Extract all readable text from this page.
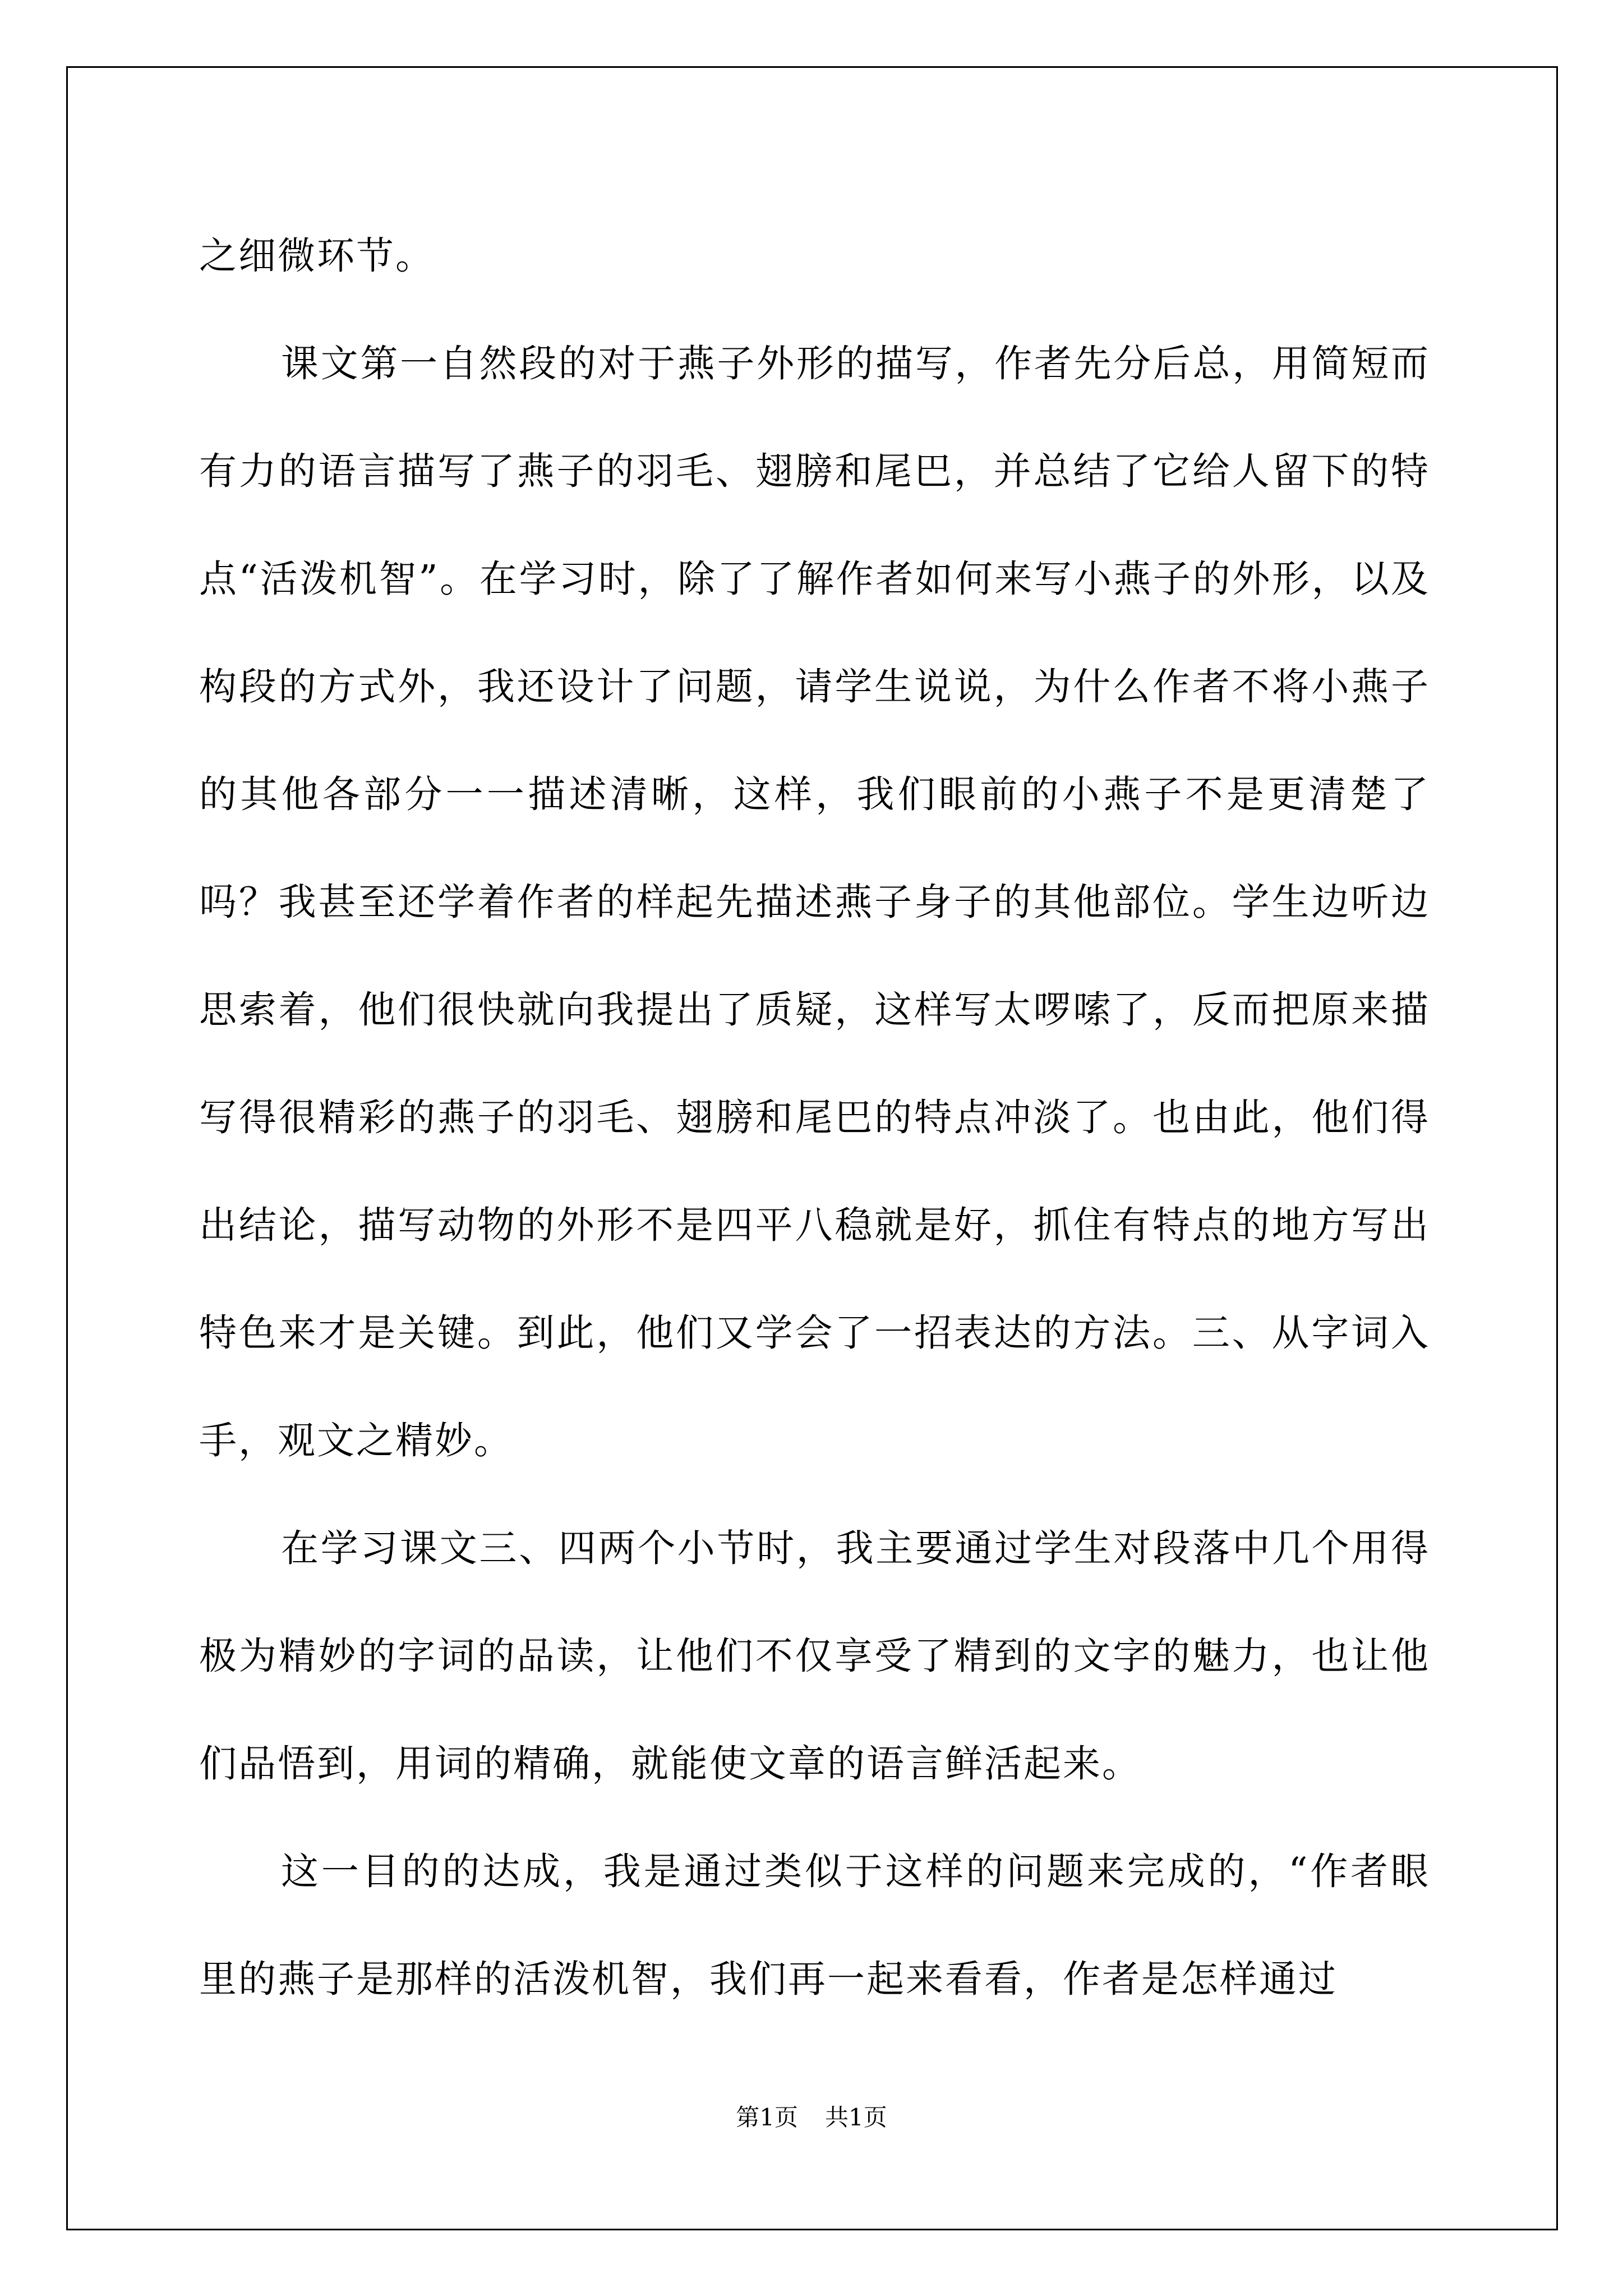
之细微环节。

课文第一自然段的对于燕子外形的描写，作者先分后总，用简短而有力的语言描写了燕子的羽毛、翅膀和尾巴，并总结了它给人留下的特点“活泼机智”。在学习时，除了了解作者如何来写小燕子的外形，以及构段的方式外，我还设计了问题，请学生说说，为什么作者不将小燕子的其他各部分一一描述清晰，这样，我们眼前的小燕子不是更清楚了吗？我甚至还学着作者的样起先描述燕子身子的其他部位。学生边听边思索着，他们很快就向我提出了质疑，这样写太啰嗦了，反而把原来描写得很精彩的燕子的羽毛、翅膀和尾巴的特点冲淡了。也由此，他们得出结论，描写动物的外形不是四平八稳就是好，抓住有特点的地方写出特色来才是关键。到此，他们又学会了一招表达的方法。三、从字词入手，观文之精妙。

在学习课文三、四两个小节时，我主要通过学生对段落中几个用得极为精妙的字词的品读，让他们不仅享受了精到的文字的魅力，也让他们品悟到，用词的精确，就能使文章的语言鲜活起来。

这一目的的达成，我是通过类似于这样的问题来完成的，“作者眼里的燕子是那样的活泼机智，我们再一起来看看，作者是怎样通过

第1页 共1页
